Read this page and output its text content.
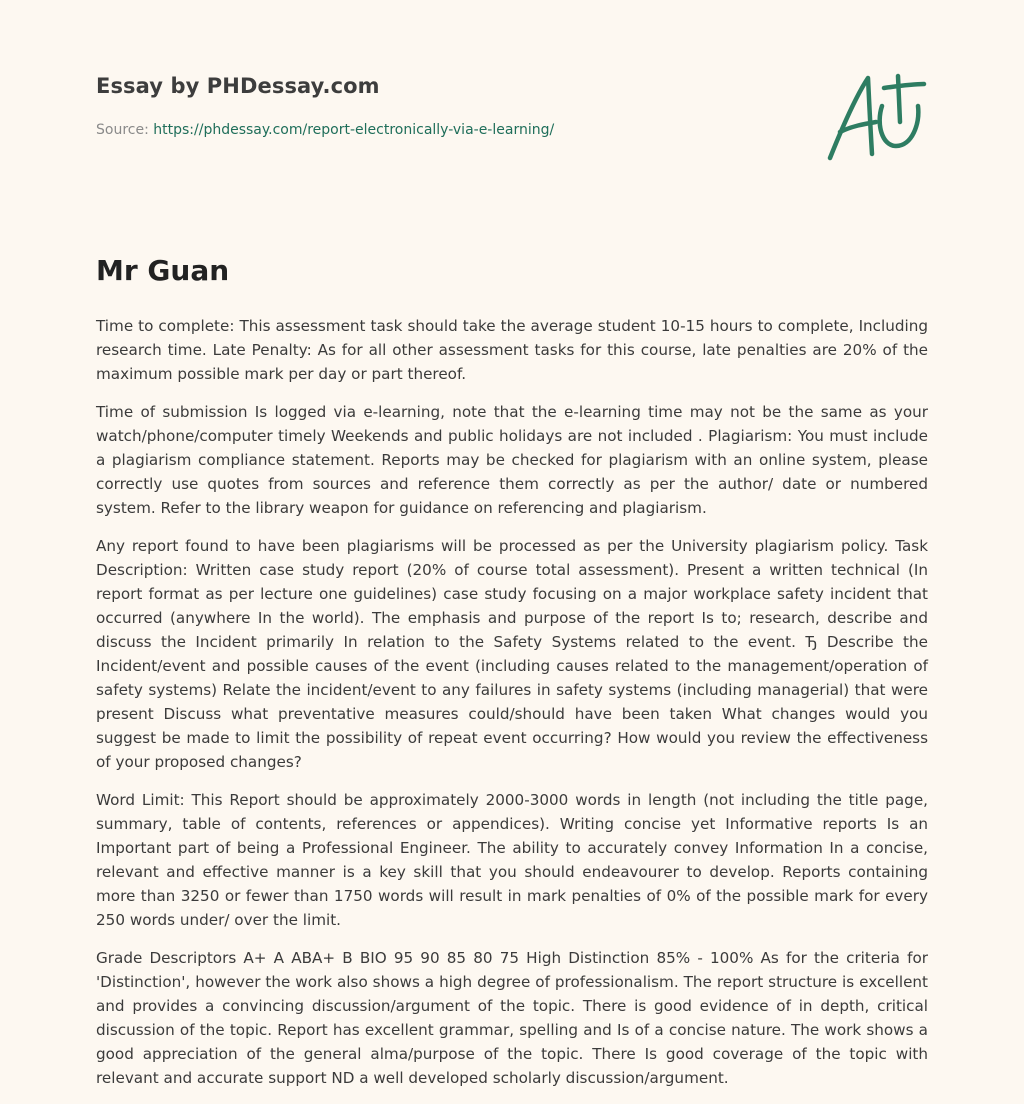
Essay by PHDessay.com
Source: https://phdessay.com/report-electronically-via-e-learning/
Mr Guan

Time to complete: This assessment task should take the average student 10-15 hours to complete, Including research time. Late Penalty: As for all other assessment tasks for this course, late penalties are 20% of the maximum possible mark per day or part thereof.

Time of submission Is logged via e-learning, note that the e-learning time may not be the same as your watch/phone/computer timely Weekends and public holidays are not included . Plagiarism: You must include a plagiarism compliance statement. Reports may be checked for plagiarism with an online system, please correctly use quotes from sources and reference them correctly as per the author/ date or numbered system. Refer to the library weapon for guidance on referencing and plagiarism.

Any report found to have been plagiarisms will be processed as per the University plagiarism policy. Task Description: Written case study report (20% of course total assessment). Present a written technical (In report format as per lecture one guidelines) case study focusing on a major workplace safety incident that occurred (anywhere In the world). The emphasis and purpose of the report Is to; research, describe and discuss the Incident primarily In relation to the Safety Systems related to the event. Ђ Describe the Incident/event and possible causes of the event (including causes related to the management/operation of safety systems) Relate the incident/event to any failures in safety systems (including managerial) that were present Discuss what preventative measures could/should have been taken What changes would you suggest be made to limit the possibility of repeat event occurring? How would you review the effectiveness of your proposed changes?

Word Limit: This Report should be approximately 2000-3000 words in length (not including the title page, summary, table of contents, references or appendices). Writing concise yet Informative reports Is an Important part of being a Professional Engineer. The ability to accurately convey Information In a concise, relevant and effective manner is a key skill that you should endeavourer to develop. Reports containing more than 3250 or fewer than 1750 words will result in mark penalties of 0% of the possible mark for every 250 words under/ over the limit.

Grade Descriptors A+ A ABA+ B BIO 95 90 85 80 75 High Distinction 85% - 100% As for the criteria for 'Distinction', however the work also shows a high degree of professionalism. The report structure is excellent and provides a convincing discussion/argument of the topic. There is good evidence of in depth, critical discussion of the topic. Report has excellent grammar, spelling and Is of a concise nature. The work shows a good appreciation of the general alma/purpose of the topic. There Is good coverage of the topic with relevant and accurate support ND a well developed scholarly discussion/argument.
